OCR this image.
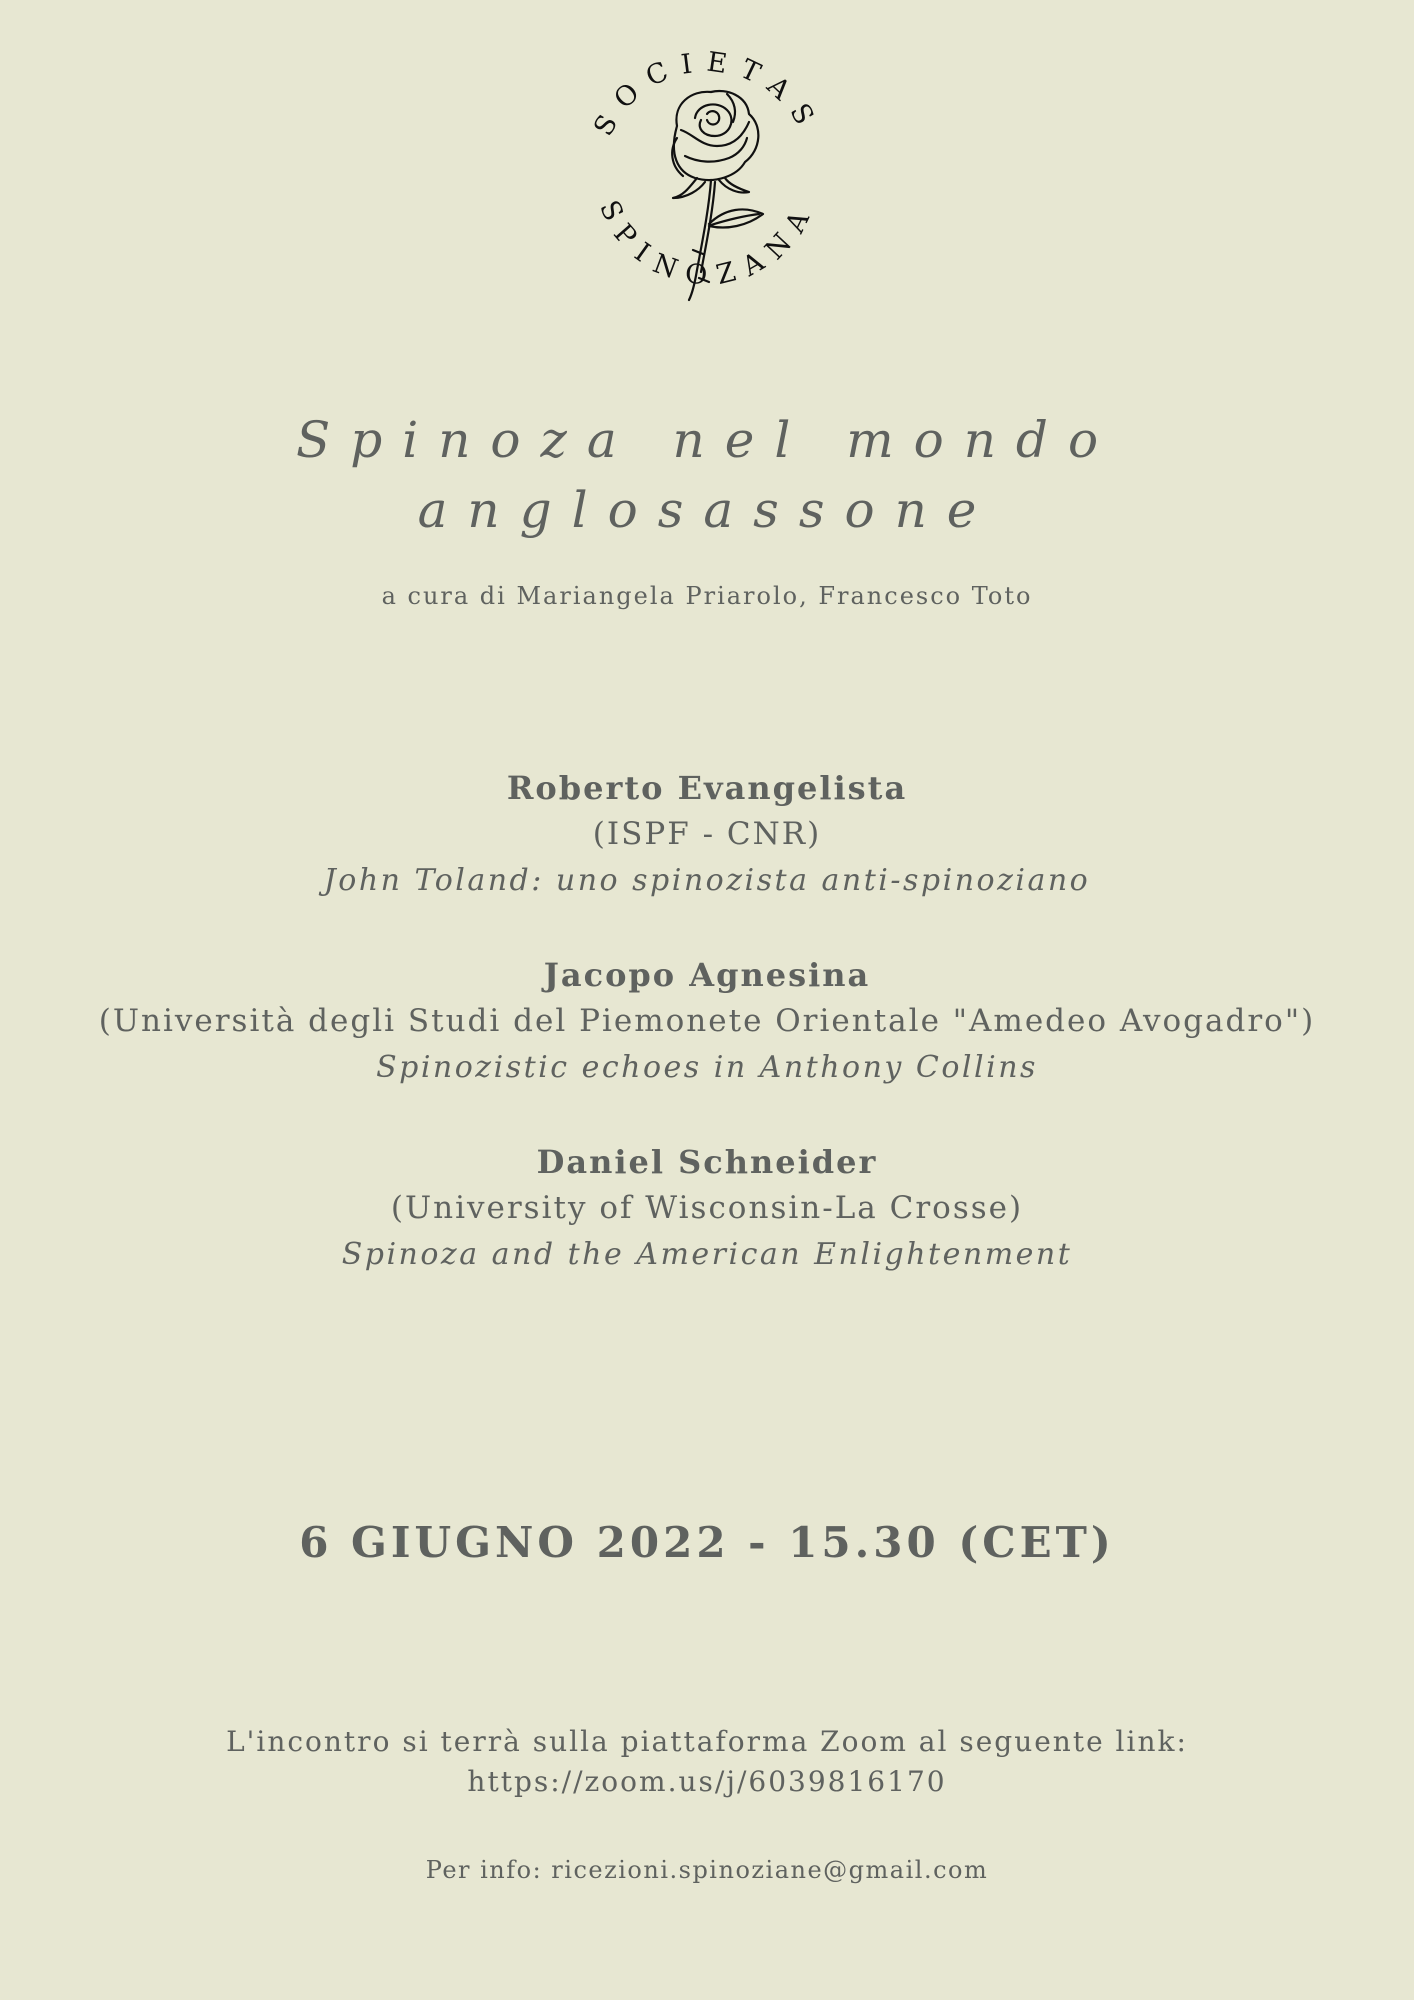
SOCIETAS
SPINOZANA
Spinoza nel mondo
anglosassone
a cura di Mariangela Priarolo, Francesco Toto
Roberto Evangelista
(ISPF - CNR)
John Toland: uno spinozista anti-spinoziano
Jacopo Agnesina
(Università degli Studi del Piemonete Orientale "Amedeo Avogadro")
Spinozistic echoes in Anthony Collins
Daniel Schneider
(University of Wisconsin-La Crosse)
Spinoza and the American Enlightenment
6 GIUGNO 2022 - 15.30 (CET)
L'incontro si terrà sulla piattaforma Zoom al seguente link:
https://zoom.us/j/6039816170
Per info: ricezioni.spinoziane@gmail.com
